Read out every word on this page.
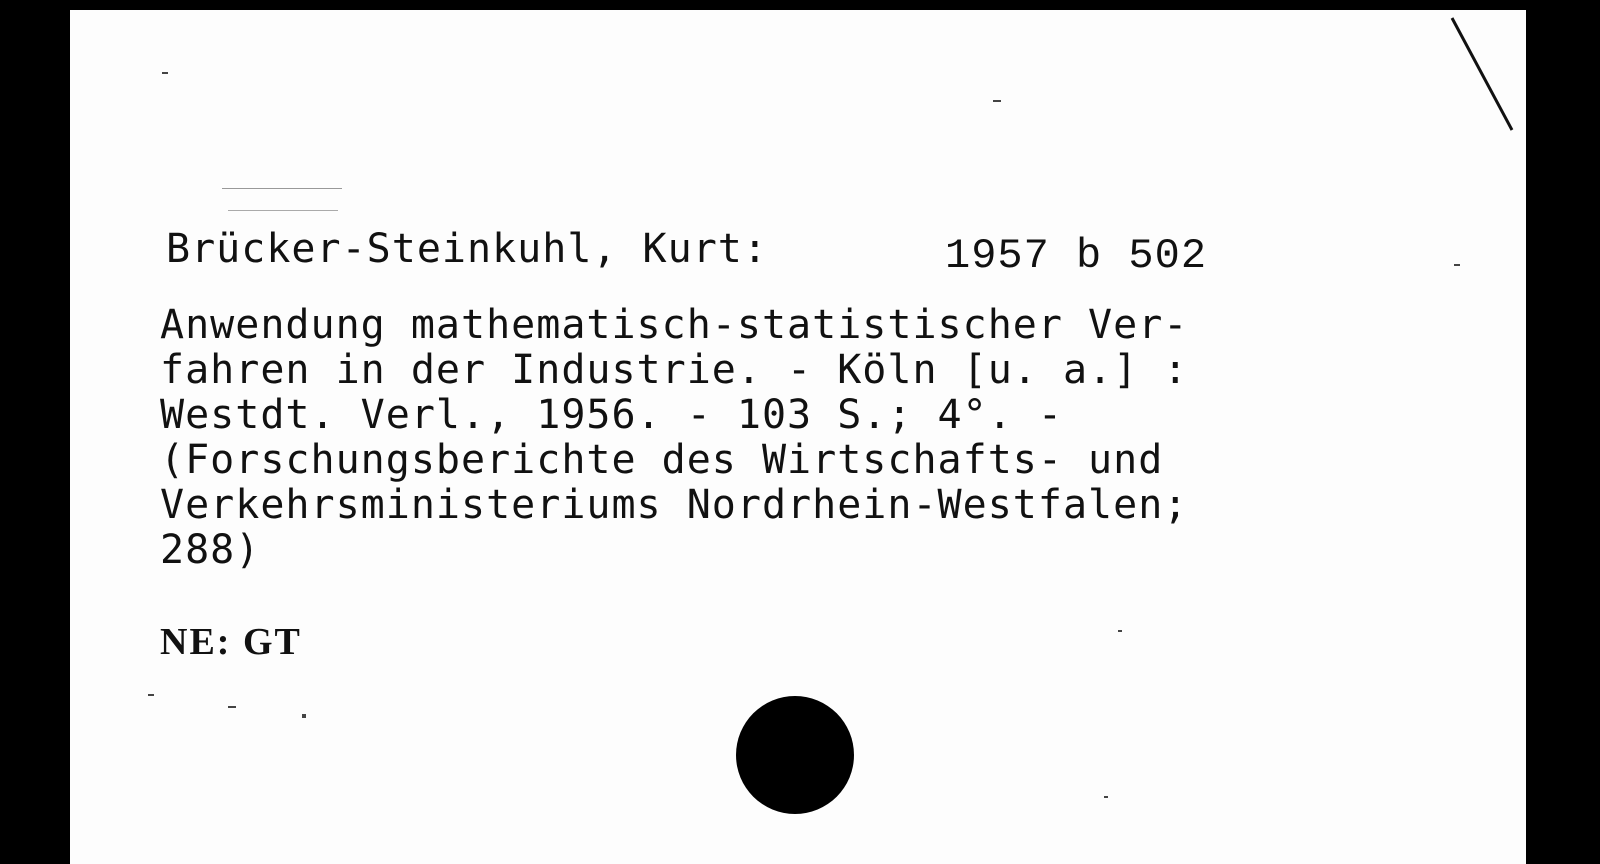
Brücker-Steinkuhl, Kurt:	1957 b 502
Anwendung mathematisch-statistischer Ver-
fahren in der Industrie. - Köln [u. a.] :
Westdt. Verl., 1956. - 103 S.; 4°. -
(Forschungsberichte des Wirtschafts- und
Verkehrsministeriums Nordrhein-Westfalen;
288)
NE: GT
